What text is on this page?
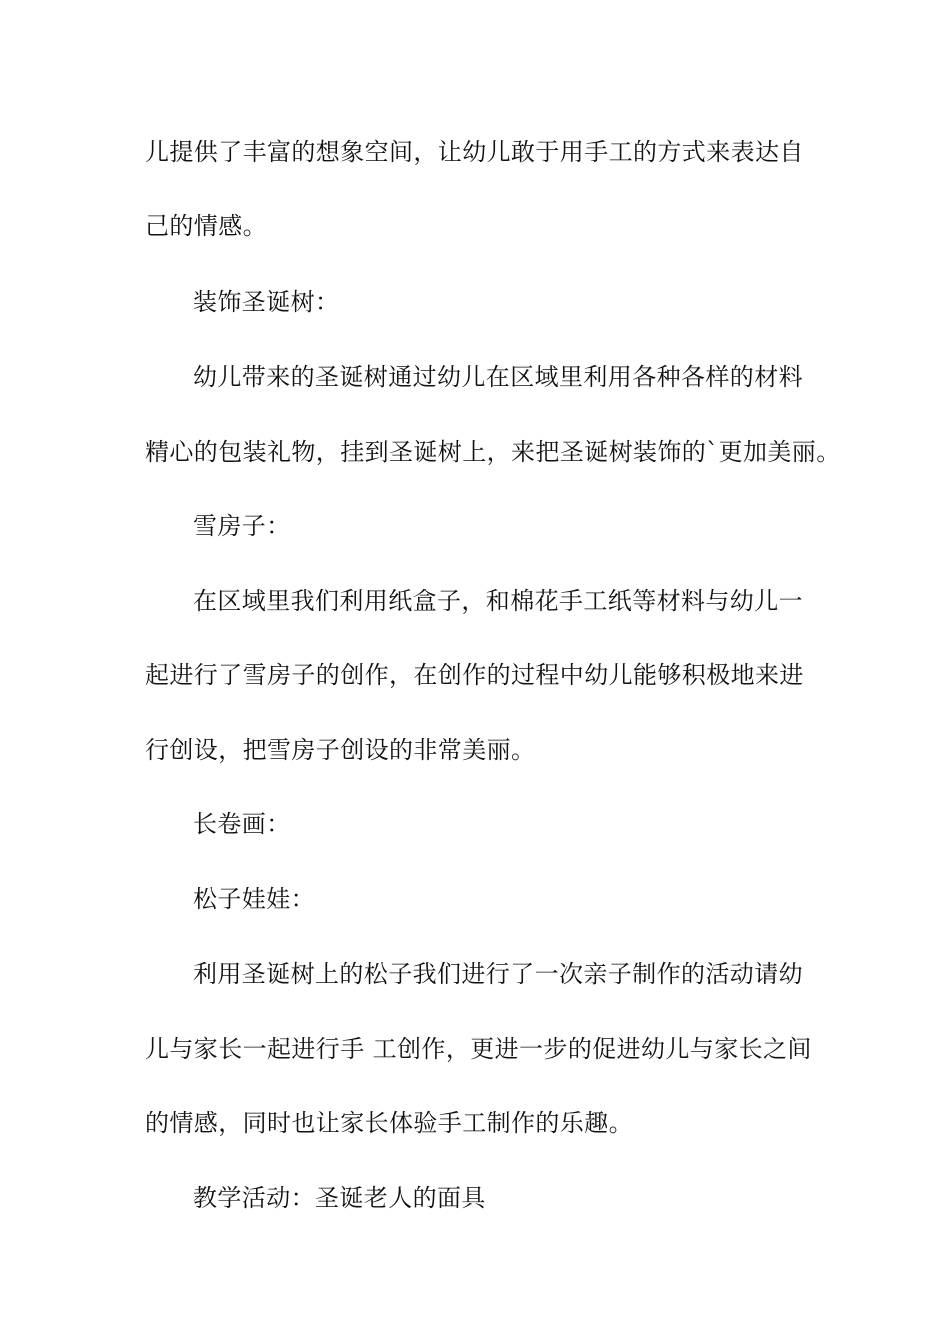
儿提供了丰富的想象空间，让幼儿敢于用手工的方式来表达自
己的情感。
装饰圣诞树：
幼儿带来的圣诞树通过幼儿在区域里利用各种各样的材料
精心的包装礼物，挂到圣诞树上，来把圣诞树装饰的`更加美丽。
雪房子：
在区域里我们利用纸盒子，和棉花手工纸等材料与幼儿一
起进行了雪房子的创作，在创作的过程中幼儿能够积极地来进
行创设，把雪房子创设的非常美丽。
长卷画：
松子娃娃：
利用圣诞树上的松子我们进行了一次亲子制作的活动请幼
儿与家长一起进行手 工创作，更进一步的促进幼儿与家长之间
的情感，同时也让家长体验手工制作的乐趣。
教学活动：圣诞老人的面具
